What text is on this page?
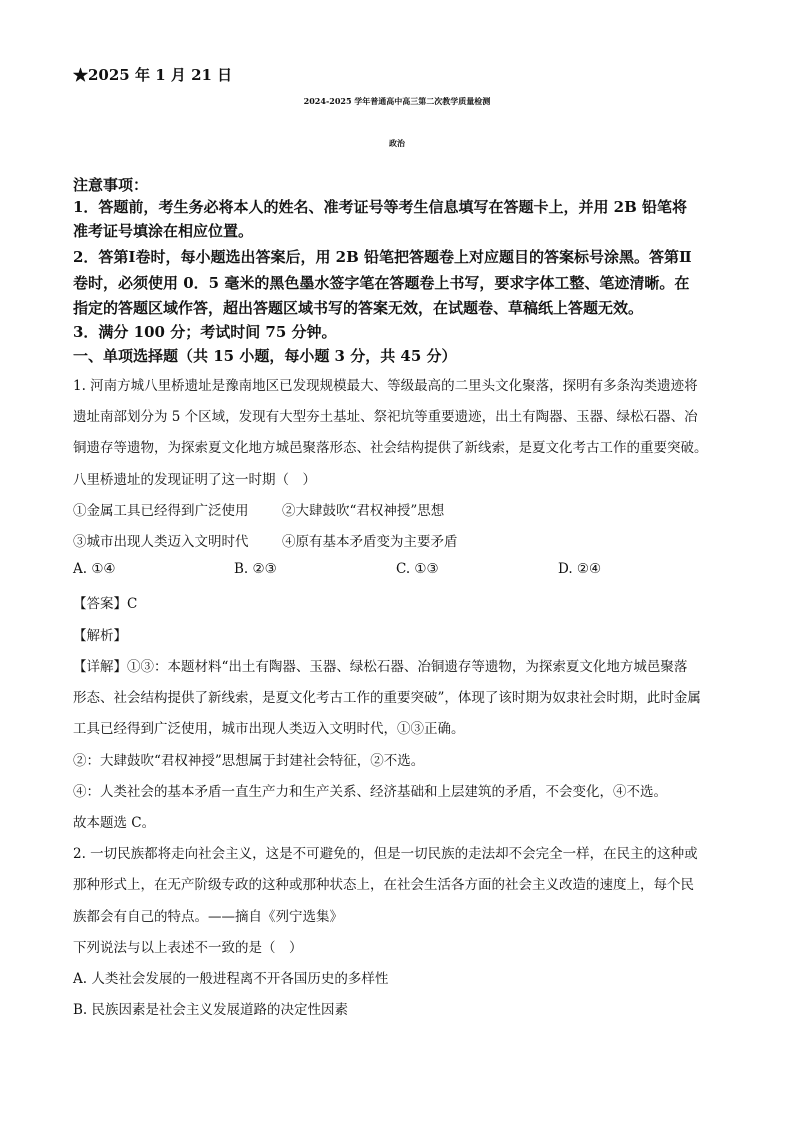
★2025 年 1 月 21 日
2024-2025 学年普通高中高三第二次教学质量检测
政治
注意事项：
1．答题前，考生务必将本人的姓名、准考证号等考生信息填写在答题卡上，并用 2B 铅笔将
准考证号填涂在相应位置。
2．答第Ⅰ卷时，每小题选出答案后，用 2B 铅笔把答题卷上对应题目的答案标号涂黑。答第Ⅱ
卷时，必须使用 0．5 毫米的黑色墨水签字笔在答题卷上书写，要求字体工整、笔迹清晰。在
指定的答题区域作答，超出答题区域书写的答案无效，在试题卷、草稿纸上答题无效。
3．满分 100 分；考试时间 75 分钟。
一、单项选择题（共 15 小题，每小题 3 分，共 45 分）
1. 河南方城八里桥遗址是豫南地区已发现规模最大、等级最高的二里头文化聚落，探明有多条沟类遗迹将
遗址南部划分为 5 个区域，发现有大型夯土基址、祭祀坑等重要遗迹，出土有陶器、玉器、绿松石器、冶
铜遗存等遗物，为探索夏文化地方城邑聚落形态、社会结构提供了新线索，是夏文化考古工作的重要突破。
八里桥遗址的发现证明了这一时期（　）
①金属工具已经得到广泛使用 ②大肆鼓吹“君权神授”思想
③城市出现人类迈入文明时代 ④原有基本矛盾变为主要矛盾
A. ①④	B. ②③	C. ①③	D. ②④
【答案】C
【解析】
【详解】①③：本题材料“出土有陶器、玉器、绿松石器、冶铜遗存等遗物，为探索夏文化地方城邑聚落
形态、社会结构提供了新线索，是夏文化考古工作的重要突破”，体现了该时期为奴隶社会时期，此时金属
工具已经得到广泛使用，城市出现人类迈入文明时代，①③正确。
②：大肆鼓吹“君权神授”思想属于封建社会特征，②不选。
④：人类社会的基本矛盾一直生产力和生产关系、经济基础和上层建筑的矛盾，不会变化，④不选。
故本题选 C。
2. 一切民族都将走向社会主义，这是不可避免的，但是一切民族的走法却不会完全一样，在民主的这种或
那种形式上，在无产阶级专政的这种或那种状态上，在社会生活各方面的社会主义改造的速度上，每个民
族都会有自己的特点。——摘自《列宁选集》
下列说法与以上表述不一致的是（　）
A. 人类社会发展的一般进程离不开各国历史的多样性
B. 民族因素是社会主义发展道路的决定性因素
